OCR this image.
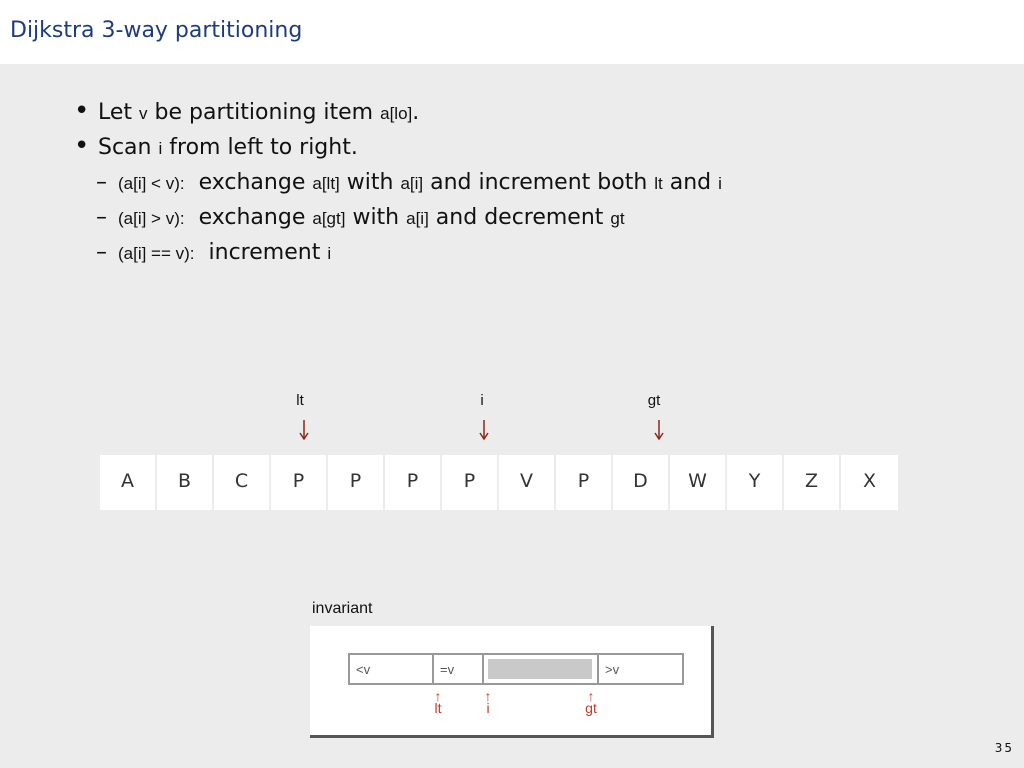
Dijkstra 3-way partitioning
• Let v be partitioning item a[lo].
• Scan i from left to right.
– (a[i] < v): exchange a[lt] with a[i] and increment both lt and i
– (a[i] > v): exchange a[gt] with a[i] and decrement gt
– (a[i] == v):  increment i
lt	i	gt
A	B	C	P	P	P	P	V	P	D	W	Y	Z	X
invariant
<v	=v	>v
↑
lt
↑
i
↑
gt
35
